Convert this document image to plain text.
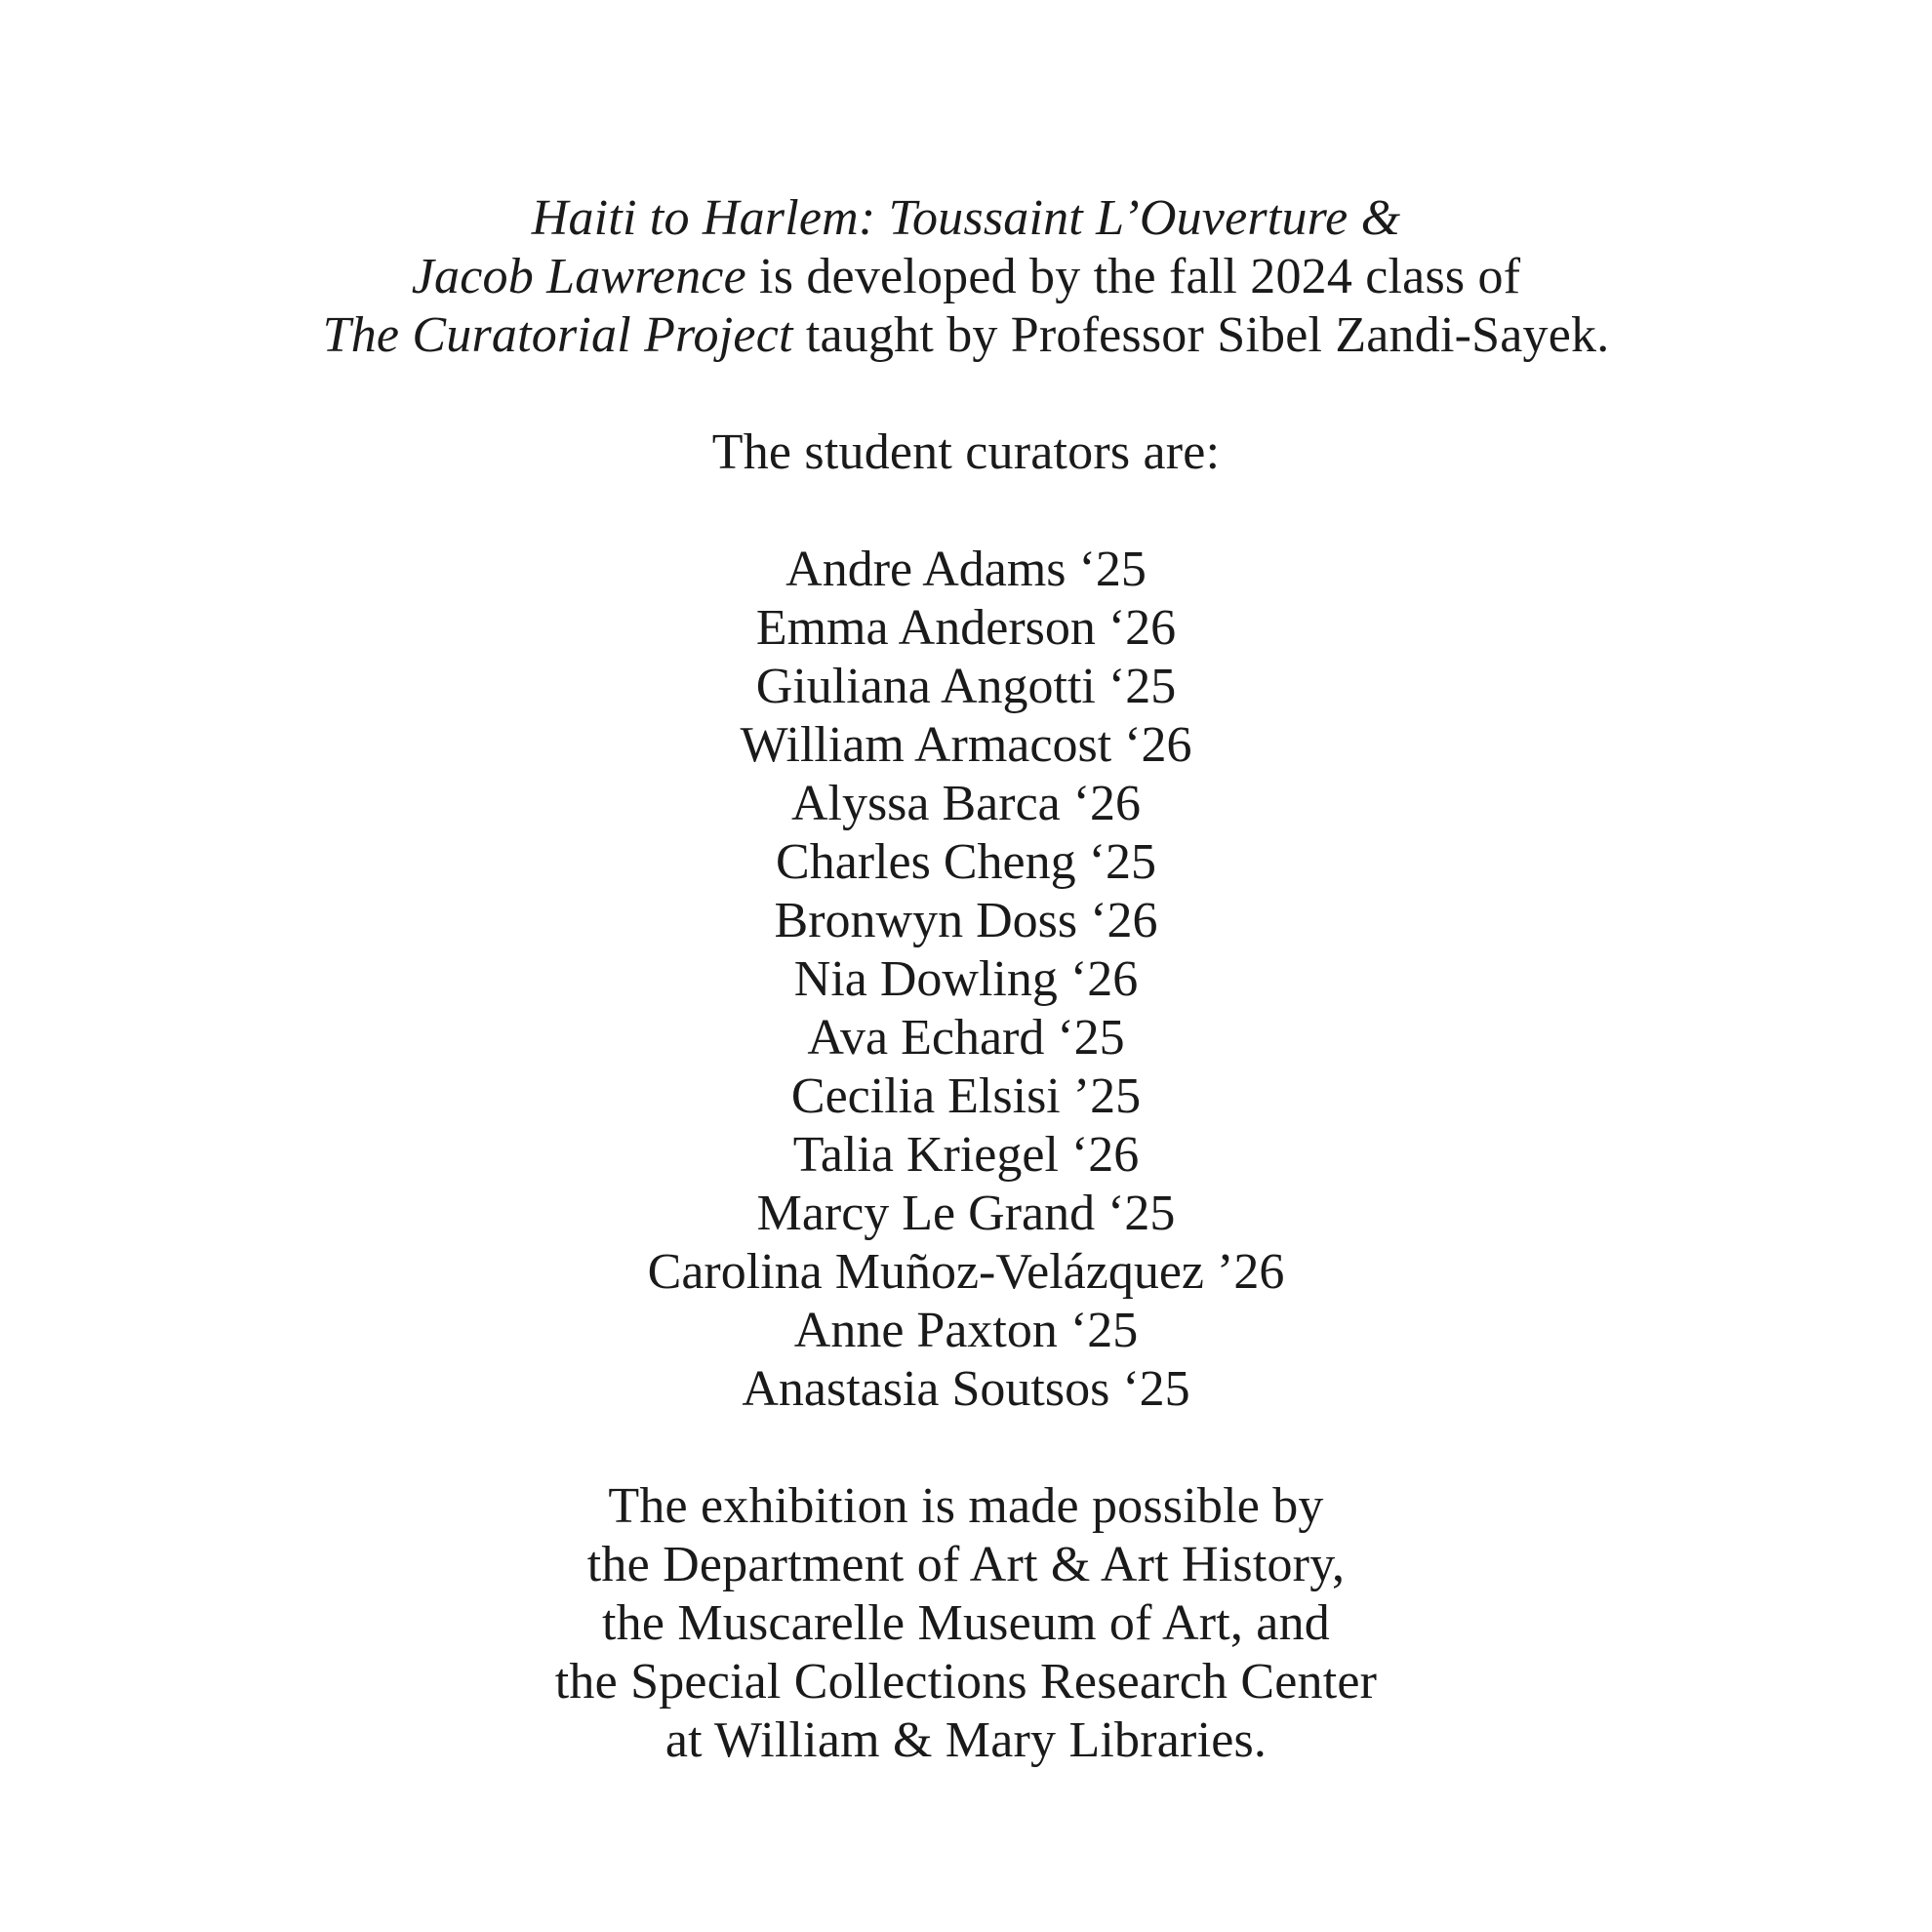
Haiti to Harlem: Toussaint L’Ouverture &
Jacob Lawrence is developed by the fall 2024 class of
The Curatorial Project taught by Professor Sibel Zandi-Sayek.

The student curators are:

Andre Adams ‘25
Emma Anderson ‘26
Giuliana Angotti ‘25
William Armacost ‘26
Alyssa Barca ‘26
Charles Cheng ‘25
Bronwyn Doss ‘26
Nia Dowling ‘26
Ava Echard ‘25
Cecilia Elsisi ’25
Talia Kriegel ‘26
Marcy Le Grand ‘25
Carolina Muñoz-Velázquez ’26
Anne Paxton ‘25
Anastasia Soutsos ‘25

The exhibition is made possible by
the Department of Art & Art History,
the Muscarelle Museum of Art, and
the Special Collections Research Center
at William & Mary Libraries.
